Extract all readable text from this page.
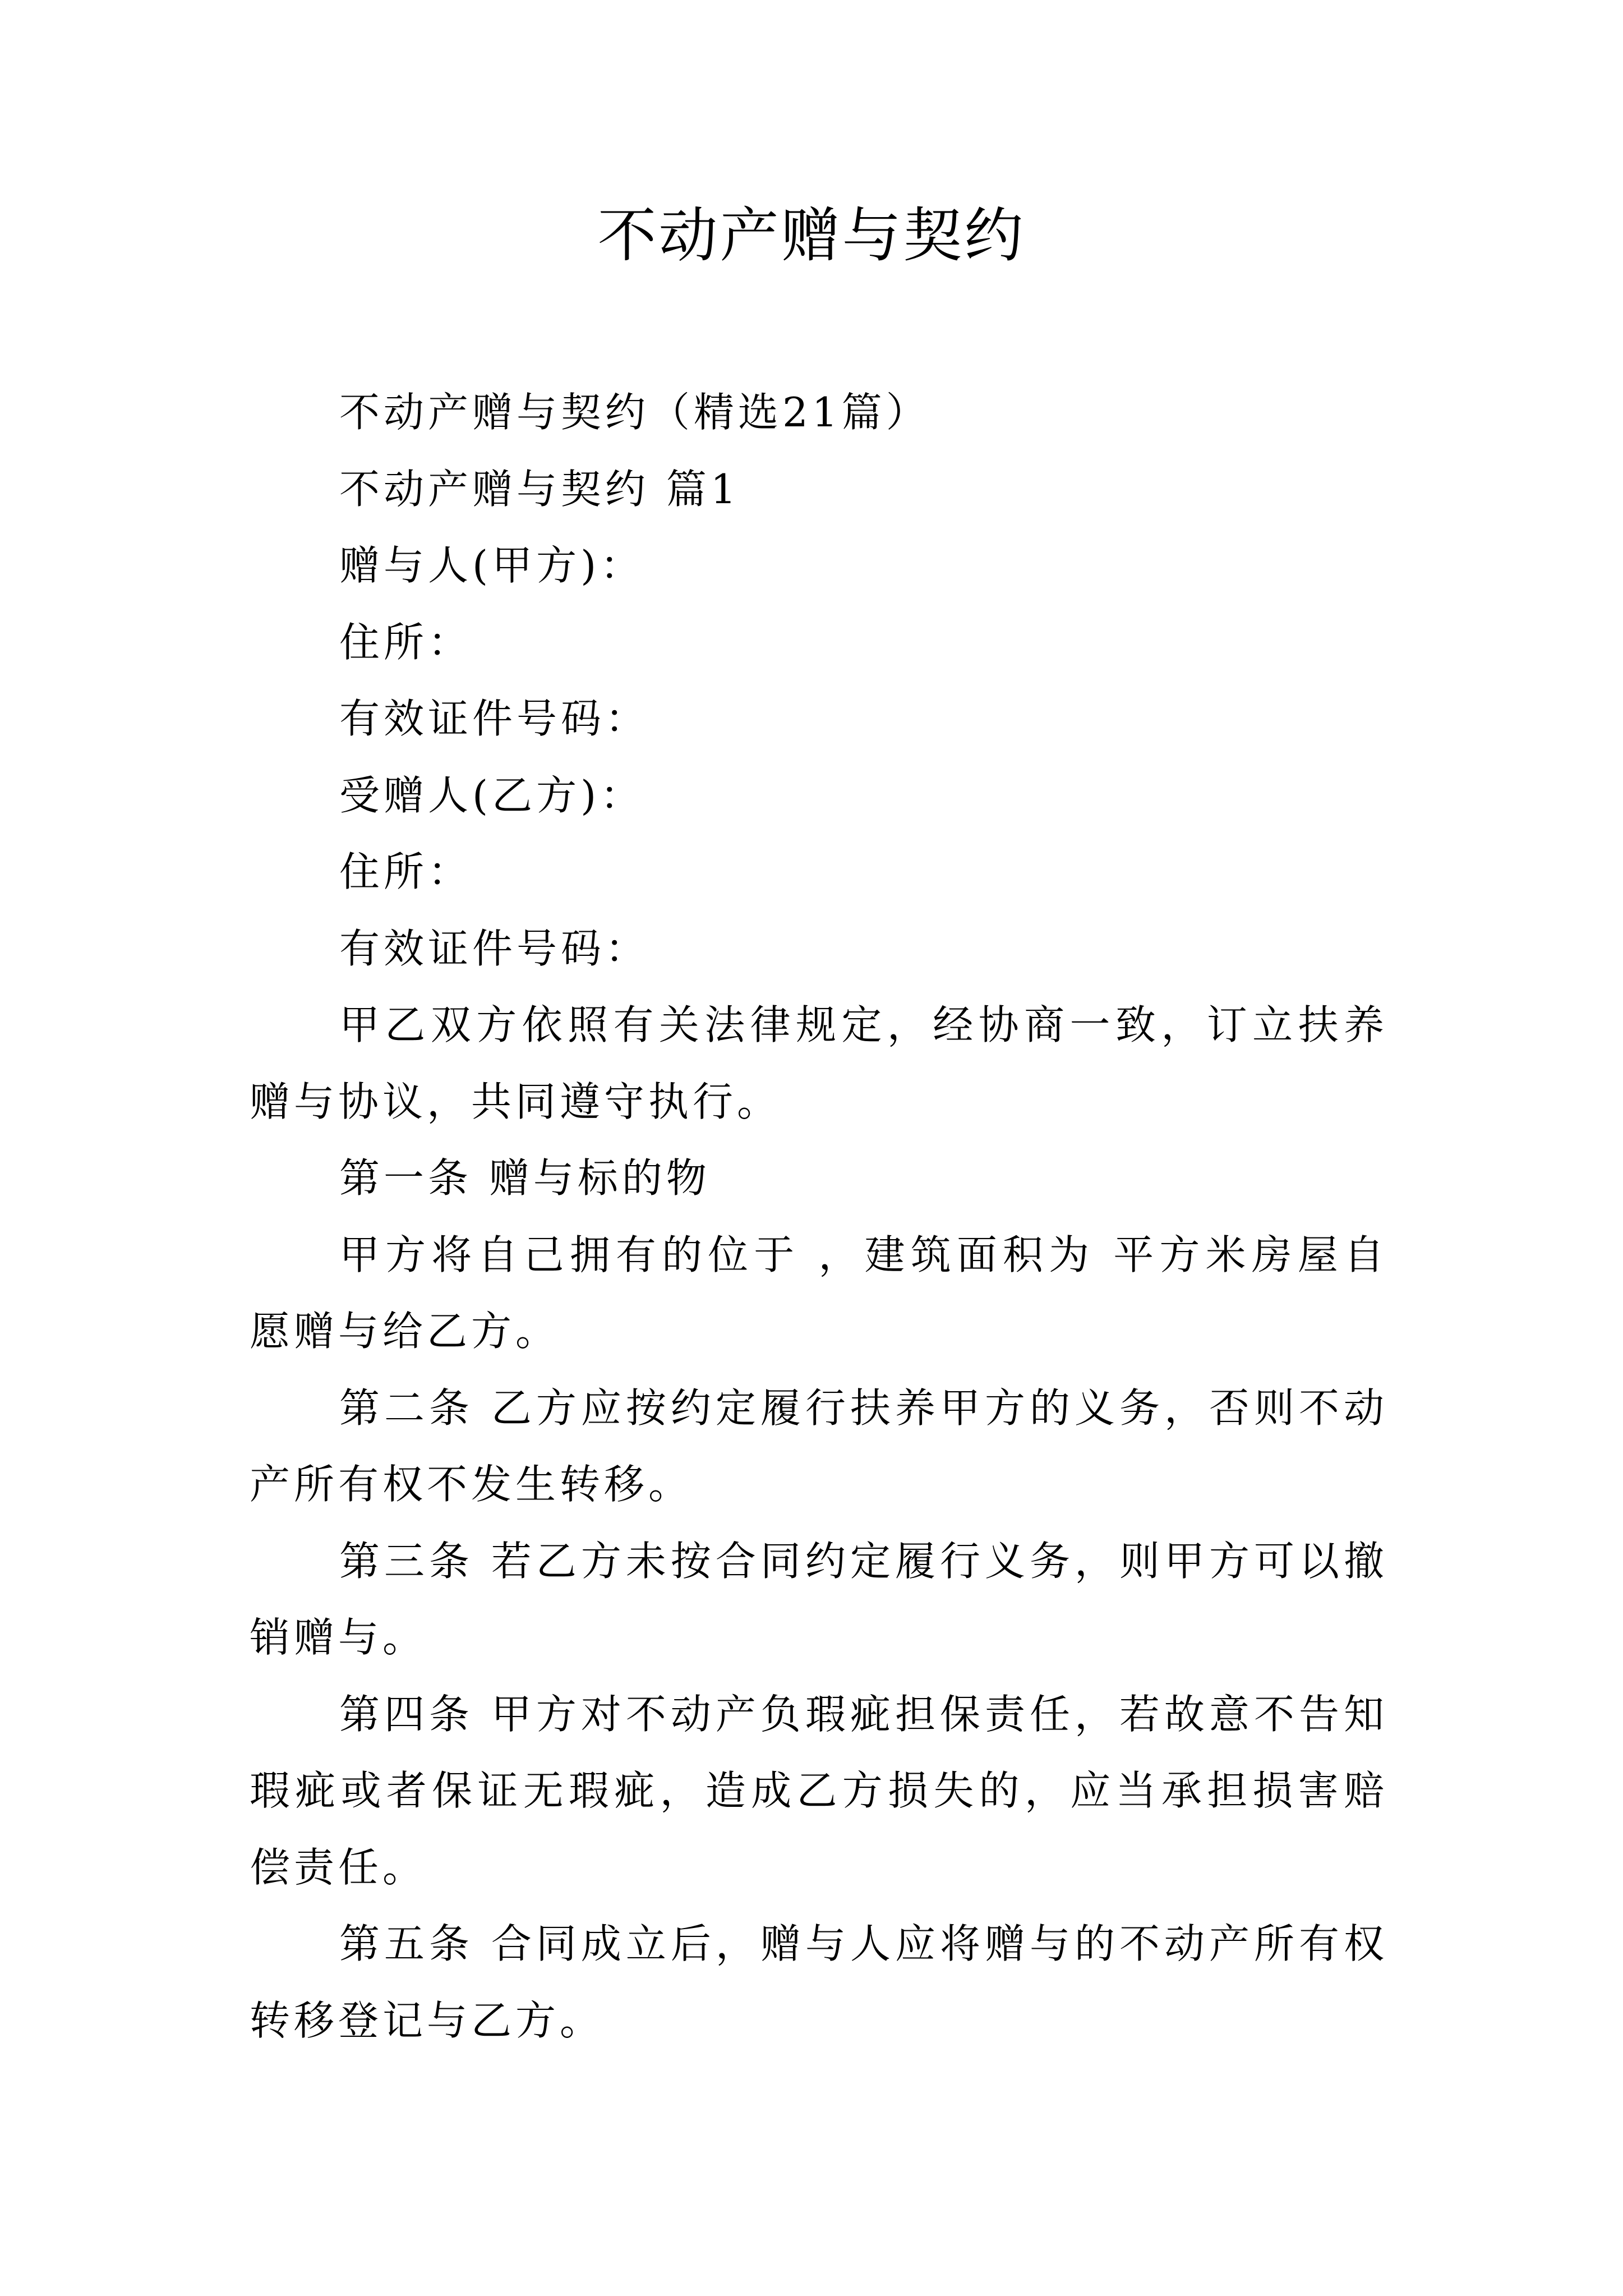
不动产赠与契约

不动产赠与契约（精选21篇）

不动产赠与契约 篇1

赠与人(甲方)：

住所：

有效证件号码：

受赠人(乙方)：

住所：

有效证件号码：

甲乙双方依照有关法律规定，经协商一致，订立扶养赠与协议，共同遵守执行。

第一条 赠与标的物

甲方将自己拥有的位于 ，建筑面积为 平方米房屋自愿赠与给乙方。

第二条 乙方应按约定履行扶养甲方的义务，否则不动产所有权不发生转移。

第三条 若乙方未按合同约定履行义务，则甲方可以撤销赠与。

第四条 甲方对不动产负瑕疵担保责任，若故意不告知瑕疵或者保证无瑕疵，造成乙方损失的，应当承担损害赔偿责任。

第五条 合同成立后，赠与人应将赠与的不动产所有权转移登记与乙方。
